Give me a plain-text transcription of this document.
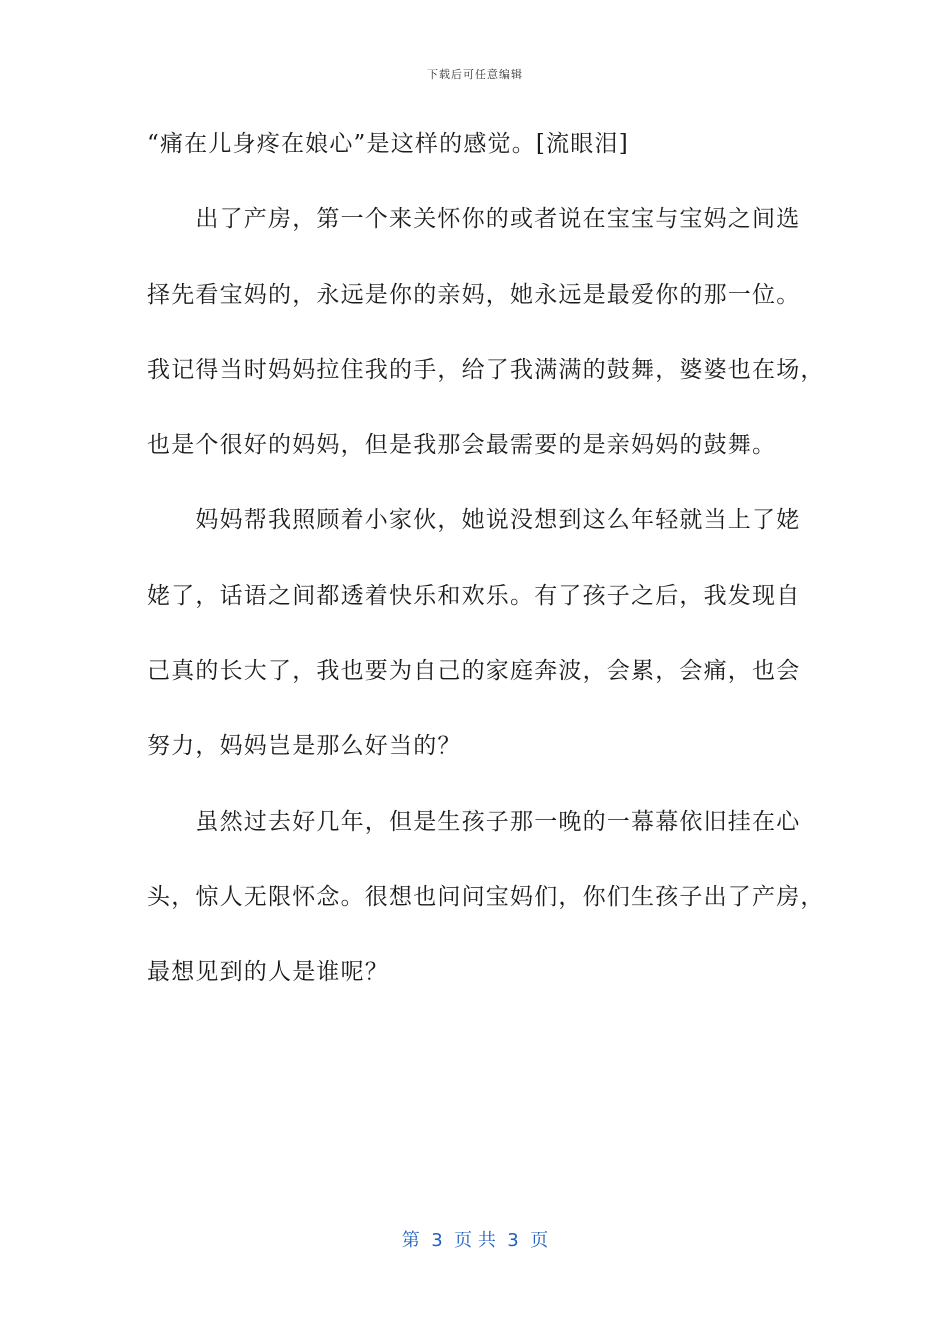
下载后可任意编辑
“痛在儿身疼在娘心”是这样的感觉。[流眼泪]
　　出了产房，第一个来关怀你的或者说在宝宝与宝妈之间选
择先看宝妈的，永远是你的亲妈，她永远是最爱你的那一位。
我记得当时妈妈拉住我的手，给了我满满的鼓舞，婆婆也在场，
也是个很好的妈妈，但是我那会最需要的是亲妈妈的鼓舞。
　　妈妈帮我照顾着小家伙，她说没想到这么年轻就当上了姥
姥了，话语之间都透着快乐和欢乐。有了孩子之后，我发现自
己真的长大了，我也要为自己的家庭奔波，会累，会痛，也会
努力，妈妈岂是那么好当的？
　　虽然过去好几年，但是生孩子那一晚的一幕幕依旧挂在心
头，惊人无限怀念。很想也问问宝妈们，你们生孩子出了产房，
最想见到的人是谁呢？
第  3  页 共  3  页
